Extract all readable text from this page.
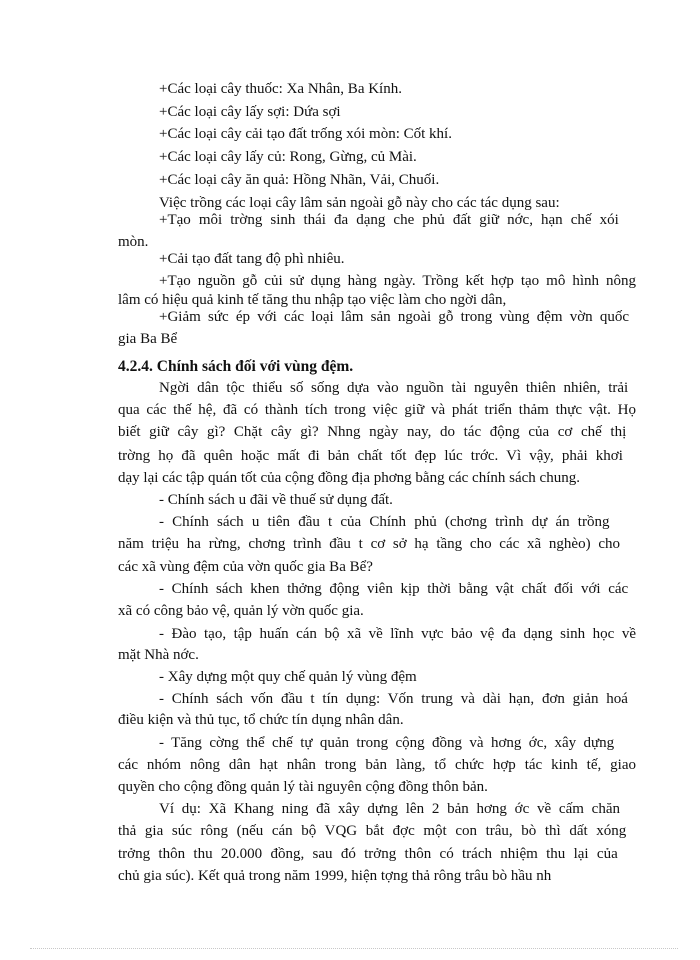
+Các loại cây thuốc: Xa Nhân, Ba Kính.
+Các loại cây lấy sợi: Dứa sợi
+Các loại cây cải tạo đất trống xói mòn: Cốt khí.
+Các loại cây lấy củ: Rong, Gừng, củ Mài.
+Các loại cây ăn quả: Hồng Nhãn, Vải, Chuối.
Việc trồng các loại cây lâm sản ngoài gỗ này cho các tác dụng sau:
+Tạo môi trờng sinh thái đa dạng che phủ đất giữ nớc, hạn chế xói
mòn.
+Cải tạo đất tang độ phì nhiêu.
+Tạo nguồn gỗ củi sử dụng hàng ngày. Trồng kết hợp tạo mô hình nông
lâm có hiệu quả kinh tế tăng thu nhập tạo việc làm cho ngời dân,
+Giảm sức ép với các loại lâm sản ngoài gỗ trong vùng đệm vờn quốc
gia Ba Bể
4.2.4. Chính sách đối với vùng đệm.
Ngời dân tộc thiểu số sống dựa vào nguồn tài nguyên thiên nhiên, trải
qua các thế hệ, đã có thành tích trong việc giữ và phát triển thảm thực vật. Họ
biết giữ cây gì? Chặt cây gì? Nhng ngày nay, do tác động của cơ chế thị
trờng họ đã quên hoặc mất đi bản chất tốt đẹp lúc trớc. Vì vậy, phải khơi
dạy lại các tập quán tốt của cộng đồng địa phơng bằng các chính sách chung.
- Chính sách u đãi về thuế sử dụng đất.
- Chính sách u tiên đầu t của Chính phủ (chơng trình dự án trồng
năm triệu ha rừng, chơng trình đầu t cơ sở hạ tầng cho các xã nghèo) cho
các xã vùng đệm của vờn quốc gia Ba Bể?
- Chính sách khen thởng động viên kịp thời bằng vật chất đối với các
xã có công bảo vệ, quản lý vờn quốc gia.
- Đào tạo, tập huấn cán bộ xã về lĩnh vực bảo vệ đa dạng sinh học về
mặt Nhà nớc.
- Xây dựng một quy chế quản lý vùng đệm
- Chính sách vốn đầu t tín dụng: Vốn trung và dài hạn, đơn giản hoá
điều kiện và thủ tục, tổ chức tín dụng nhân dân.
- Tăng cờng thể chế tự quản trong cộng đồng và hơng ớc, xây dựng
các nhóm nông dân hạt nhân trong bản làng, tổ chức hợp tác kinh tế, giao
quyền cho cộng đồng quản lý tài nguyên cộng đồng thôn bản.
Ví dụ: Xã Khang ning đã xây dựng lên 2 bản hơng ớc về cấm chăn
thả gia súc rông (nếu cán bộ VQG bắt đợc một con trâu, bò thì dất xóng
trởng thôn thu 20.000 đồng, sau đó trởng thôn có trách nhiệm thu lại của
chủ gia súc). Kết quả trong năm 1999, hiện tợng thả rông trâu bò hầu nh
